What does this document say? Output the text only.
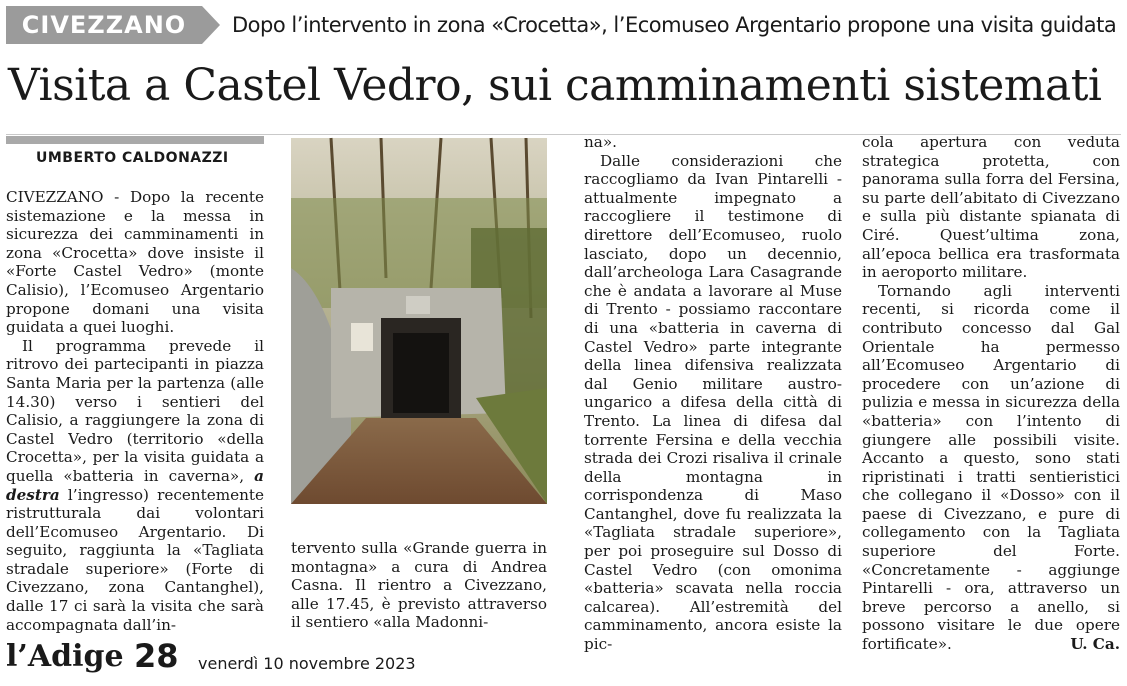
CIVEZZANO	Dopo l’intervento in zona «Crocetta», l’Ecomuseo Argentario propone una visita guidata
Visita a Castel Vedro, sui camminamenti sistemati
UMBERTO CALDONAZZI

CIVEZZANO - Dopo la recente sistemazione e la messa in sicurezza dei camminamenti in zona «Crocetta» dove insiste il «Forte Castel Vedro» (monte Calisio), l’Ecomuseo Argentario propone domani una visita guidata a quei luoghi.

Il programma prevede il ritrovo dei partecipanti in piazza Santa Maria per la partenza (alle 14.30) verso i sentieri del Calisio, a raggiungere la zona di Castel Vedro (territorio «della Crocetta», per la visita guidata a quella «batteria in caverna», a destra l’ingresso) recentemente ristrutturala dai volontari dell’Ecomuseo Argentario. Di seguito, raggiunta la «Tagliata stradale superiore» (Forte di Civezzano, zona Cantanghel), dalle 17 ci sarà la visita che sarà accompagnata dall’in-

tervento sulla «Grande guerra in montagna» a cura di Andrea Casna. Il rientro a Civezzano, alle 17.45, è previsto attraverso il sentiero «alla Madonni-

na».

Dalle considerazioni che raccogliamo da Ivan Pintarelli - attualmente impegnato a raccogliere il testimone di direttore dell’Ecomuseo, ruolo lasciato, dopo un decennio, dall’archeologa Lara Casagrande che è andata a lavorare al Muse di Trento - possiamo raccontare di una «batteria in caverna di Castel Vedro» parte integrante della linea difensiva realizzata dal Genio militare austro-ungarico a difesa della città di Trento. La linea di difesa dal torrente Fersina e della vecchia strada dei Crozi risaliva il crinale della montagna in corrispondenza di Maso Cantanghel, dove fu realizzata la «Tagliata stradale superiore», per poi proseguire sul Dosso di Castel Vedro (con omonima «batteria» scavata nella roccia calcarea). All’estremità del camminamento, ancora esiste la pic-

cola apertura con veduta strategica protetta, con panorama sulla forra del Fersina, su parte dell’abitato di Civezzano e sulla più distante spianata di Ciré. Quest’ultima zona, all’epoca bellica era trasformata in aeroporto militare.

Tornando agli interventi recenti, si ricorda come il contributo concesso dal Gal Orientale ha permesso all’Ecomuseo Argentario di procedere con un’azione di pulizia e messa in sicurezza della «batteria» con l’intento di giungere alle possibili visite. Accanto a questo, sono stati ripristinati i tratti sentieristici che collegano il «Dosso» con il paese di Civezzano, e pure di collegamento con la Tagliata superiore del Forte. «Concretamente - aggiunge Pintarelli - ora, attraverso un breve percorso a anello, si possono visitare le due opere fortificate».	U. Ca.

l’Adige 28 venerdì 10 novembre 2023
